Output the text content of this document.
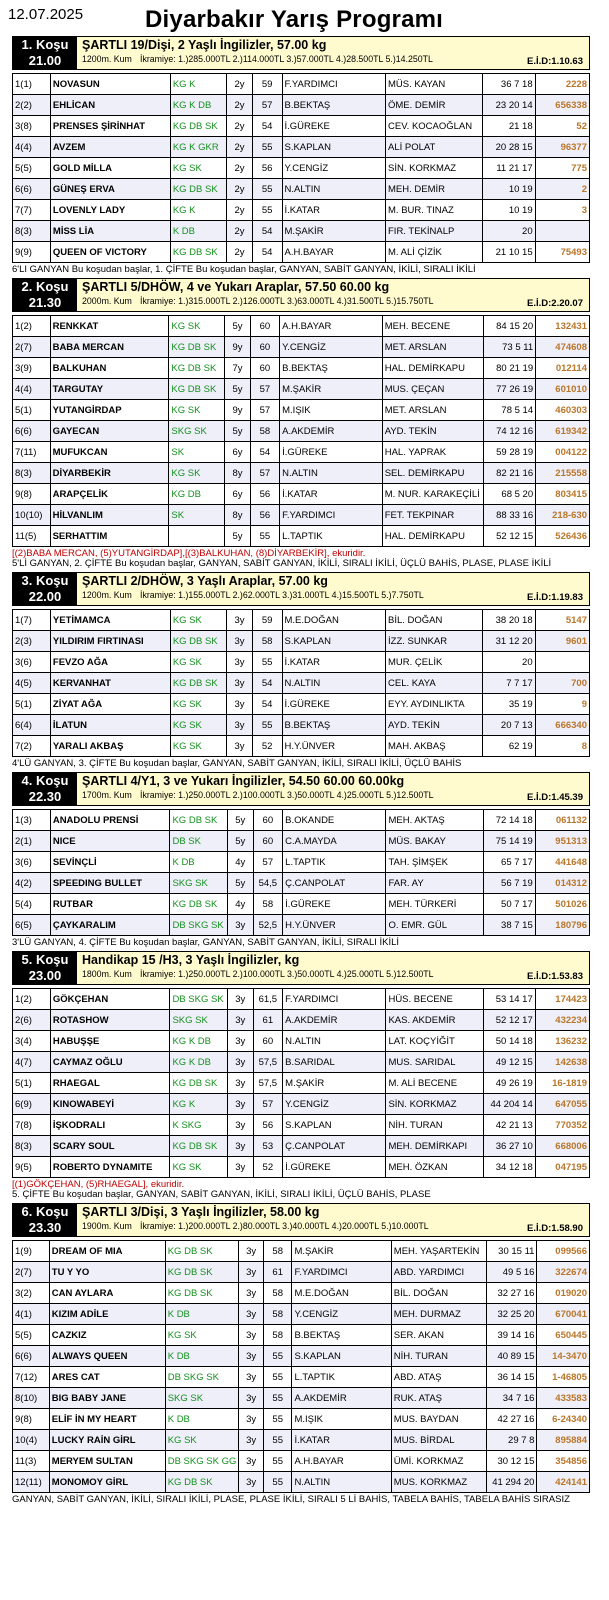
12.07.2025	Diyarbakır Yarış Programı
1. Koşu
21.00
ŞARTLI 19/Dişi, 2 Yaşlı İngilizler, 57.00 kg
1200m. Kum İkramiye: 1.)285.000TL 2.)114.000TL 3.)57.000TL 4.)28.500TL 5.)14.250TL	E.İ.D:1.10.63
1(1)	NOVASUN	KG K	2y	59	F.YARDIMCI	MÜS. KAYAN	36 7 18	2228
2(2)	EHLİCAN	KG K DB	2y	57	B.BEKTAŞ	ÖME. DEMİR	23 20 14	656338
3(8)	PRENSES ŞİRİNHAT	KG DB SK	2y	54	İ.GÜREKE	CEV. KOCAOĞLAN	21 18	52
4(4)	AVZEM	KG K GKR	2y	55	S.KAPLAN	ALİ POLAT	20 28 15	96377
5(5)	GOLD MİLLA	KG SK	2y	56	Y.CENGİZ	SİN. KORKMAZ	11 21 17	775
6(6)	GÜNEŞ ERVA	KG DB SK	2y	55	N.ALTIN	MEH. DEMİR	10 19	2
7(7)	LOVENLY LADY	KG K	2y	55	İ.KATAR	M. BUR. TINAZ	10 19	3
8(3)	MİSS LİA	K DB	2y	54	M.ŞAKİR	FIR. TEKİNALP	20	
9(9)	QUEEN OF VICTORY	KG DB SK	2y	54	A.H.BAYAR	M. ALİ ÇİZİK	21 10 15	75493
6'LI GANYAN Bu koşudan başlar, 1. ÇİFTE Bu koşudan başlar, GANYAN, SABİT GANYAN, İKİLİ, SIRALI İKİLİ
2. Koşu
21.30
ŞARTLI 5/DHÖW, 4 ve Yukarı Araplar, 57.50 60.00 kg
2000m. Kum İkramiye: 1.)315.000TL 2.)126.000TL 3.)63.000TL 4.)31.500TL 5.)15.750TL	E.İ.D:2.20.07
1(2)	RENKKAT	KG SK	5y	60	A.H.BAYAR	MEH. BECENE	84 15 20	132431
2(7)	BABA MERCAN	KG DB SK	9y	60	Y.CENGİZ	MET. ARSLAN	73 5 11	474608
3(9)	BALKUHAN	KG DB SK	7y	60	B.BEKTAŞ	HAL. DEMİRKAPU	80 21 19	012114
4(4)	TARGUTAY	KG DB SK	5y	57	M.ŞAKİR	MUS. ÇEÇAN	77 26 19	601010
5(1)	YUTANGİRDAP	KG SK	9y	57	M.IŞIK	MET. ARSLAN	78 5 14	460303
6(6)	GAYECAN	SKG SK	5y	58	A.AKDEMİR	AYD. TEKİN	74 12 16	619342
7(11)	MUFUKCAN	SK	6y	54	İ.GÜREKE	HAL. YAPRAK	59 28 19	004122
8(3)	DİYARBEKİR	KG SK	8y	57	N.ALTIN	SEL. DEMİRKAPU	82 21 16	215558
9(8)	ARAPÇELİK	KG DB	6y	56	İ.KATAR	M. NUR. KARAKEÇİLİ	68 5 20	803415
10(10)	HİLVANLIM	SK	8y	56	F.YARDIMCI	FET. TEKPINAR	88 33 16	218-630
11(5)	SERHATTIM		5y	55	L.TAPTIK	HAL. DEMİRKAPU	52 12 15	526436
[(2)BABA MERCAN, (5)YUTANGİRDAP],[(3)BALKUHAN, (8)DİYARBEKİR], ekuridir.
5'Lİ GANYAN, 2. ÇİFTE Bu koşudan başlar, GANYAN, SABİT GANYAN, İKİLİ, SIRALI İKİLİ, ÜÇLÜ BAHİS, PLASE, PLASE İKİLİ
3. Koşu
22.00
ŞARTLI 2/DHÖW, 3 Yaşlı Araplar, 57.00 kg
1200m. Kum İkramiye: 1.)155.000TL 2.)62.000TL 3.)31.000TL 4.)15.500TL 5.)7.750TL	E.İ.D:1.19.83
1(7)	YETİMAMCA	KG SK	3y	59	M.E.DOĞAN	BİL. DOĞAN	38 20 18	5147
2(3)	YILDIRIM FIRTINASI	KG DB SK	3y	58	S.KAPLAN	İZZ. SUNKAR	31 12 20	9601
3(6)	FEVZO AĞA	KG SK	3y	55	İ.KATAR	MUR. ÇELİK	20	
4(5)	KERVANHAT	KG DB SK	3y	54	N.ALTIN	CEL. KAYA	7 7 17	700
5(1)	ZİYAT AĞA	KG SK	3y	54	İ.GÜREKE	EYY. AYDINLIKTA	35 19	9
6(4)	İLATUN	KG SK	3y	55	B.BEKTAŞ	AYD. TEKİN	20 7 13	666340
7(2)	YARALI AKBAŞ	KG SK	3y	52	H.Y.ÜNVER	MAH. AKBAŞ	62 19	8
4'LÜ GANYAN, 3. ÇİFTE Bu koşudan başlar, GANYAN, SABİT GANYAN, İKİLİ, SIRALI İKİLİ, ÜÇLÜ BAHİS
4. Koşu
22.30
ŞARTLI 4/Y1, 3 ve Yukarı İngilizler, 54.50 60.00 60.00kg
1700m. Kum İkramiye: 1.)250.000TL 2.)100.000TL 3.)50.000TL 4.)25.000TL 5.)12.500TL	E.İ.D:1.45.39
1(3)	ANADOLU PRENSİ	KG DB SK	5y	60	B.OKANDE	MEH. AKTAŞ	72 14 18	061132
2(1)	NICE	DB SK	5y	60	C.A.MAYDA	MÜS. BAKAY	75 14 19	951313
3(6)	SEVİNÇLİ	K DB	4y	57	L.TAPTIK	TAH. ŞİMŞEK	65 7 17	441648
4(2)	SPEEDING BULLET	SKG SK	5y	54,5	Ç.CANPOLAT	FAR. AY	56 7 19	014312
5(4)	RUTBAR	KG DB SK	4y	58	İ.GÜREKE	MEH. TÜRKERİ	50 7 17	501026
6(5)	ÇAYKARALIM	DB SKG SK	3y	52,5	H.Y.ÜNVER	O. EMR. GÜL	38 7 15	180796
3'LÜ GANYAN, 4. ÇİFTE Bu koşudan başlar, GANYAN, SABİT GANYAN, İKİLİ, SIRALI İKİLİ
5. Koşu
23.00
Handikap 15 /H3, 3 Yaşlı İngilizler, kg
1800m. Kum İkramiye: 1.)250.000TL 2.)100.000TL 3.)50.000TL 4.)25.000TL 5.)12.500TL	E.İ.D:1.53.83
1(2)	GÖKÇEHAN	DB SKG SK	3y	61,5	F.YARDIMCI	HÜS. BECENE	53 14 17	174423
2(6)	ROTASHOW	SKG SK	3y	61	A.AKDEMİR	KAS. AKDEMİR	52 12 17	432234
3(4)	HABUŞŞE	KG K DB	3y	60	N.ALTIN	LAT. KOÇYİĞİT	50 14 18	136232
4(7)	CAYMAZ OĞLU	KG K DB	3y	57,5	B.SARIDAL	MUS. SARIDAL	49 12 15	142638
5(1)	RHAEGAL	KG DB SK	3y	57,5	M.ŞAKİR	M. ALİ BECENE	49 26 19	16-1819
6(9)	KINOWABEYİ	KG K	3y	57	Y.CENGİZ	SİN. KORKMAZ	44 204 14	647055
7(8)	İŞKODRALI	K SKG	3y	56	S.KAPLAN	NİH. TURAN	42 21 13	770352
8(3)	SCARY SOUL	KG DB SK	3y	53	Ç.CANPOLAT	MEH. DEMİRKAPI	36 27 10	668006
9(5)	ROBERTO DYNAMITE	KG SK	3y	52	İ.GÜREKE	MEH. ÖZKAN	34 12 18	047195
[(1)GÖKÇEHAN, (5)RHAEGAL], ekuridir.
5. ÇİFTE Bu koşudan başlar, GANYAN, SABİT GANYAN, İKİLİ, SIRALI İKİLİ, ÜÇLÜ BAHİS, PLASE
6. Koşu
23.30
ŞARTLI 3/Dişi, 3 Yaşlı İngilizler, 58.00 kg
1900m. Kum İkramiye: 1.)200.000TL 2.)80.000TL 3.)40.000TL 4.)20.000TL 5.)10.000TL	E.İ.D:1.58.90
1(9)	DREAM OF MIA	KG DB SK	3y	58	M.ŞAKİR	MEH. YAŞARTEKİN	30 15 11	099566
2(7)	TU Y YO	KG DB SK	3y	61	F.YARDIMCI	ABD. YARDIMCI	49 5 16	322674
3(2)	CAN AYLARA	KG DB SK	3y	58	M.E.DOĞAN	BİL. DOĞAN	32 27 16	019020
4(1)	KIZIM ADİLE	K DB	3y	58	Y.CENGİZ	MEH. DURMAZ	32 25 20	670041
5(5)	CAZKIZ	KG SK	3y	58	B.BEKTAŞ	SER. AKAN	39 14 16	650445
6(6)	ALWAYS QUEEN	K DB	3y	55	S.KAPLAN	NİH. TURAN	40 89 15	14-3470
7(12)	ARES CAT	DB SKG SK	3y	55	L.TAPTIK	ABD. ATAŞ	36 14 15	1-46805
8(10)	BIG BABY JANE	SKG SK	3y	55	A.AKDEMİR	RUK. ATAŞ	34 7 16	433583
9(8)	ELİF İN MY HEART	K DB	3y	55	M.IŞIK	MUS. BAYDAN	42 27 16	6-24340
10(4)	LUCKY RAİN GİRL	KG SK	3y	55	İ.KATAR	MUS. BİRDAL	29 7 8	895884
11(3)	MERYEM SULTAN	DB SKG SK GG	3y	55	A.H.BAYAR	ÜMİ. KORKMAZ	30 12 15	354856
12(11)	MONOMOY GİRL	KG DB SK	3y	55	N.ALTIN	MUS. KORKMAZ	41 294 20	424141
GANYAN, SABİT GANYAN, İKİLİ, SIRALI İKİLİ, PLASE, PLASE İKİLİ, SIRALI 5 Lİ BAHİS, TABELA BAHİS, TABELA BAHİS SIRASIZ
